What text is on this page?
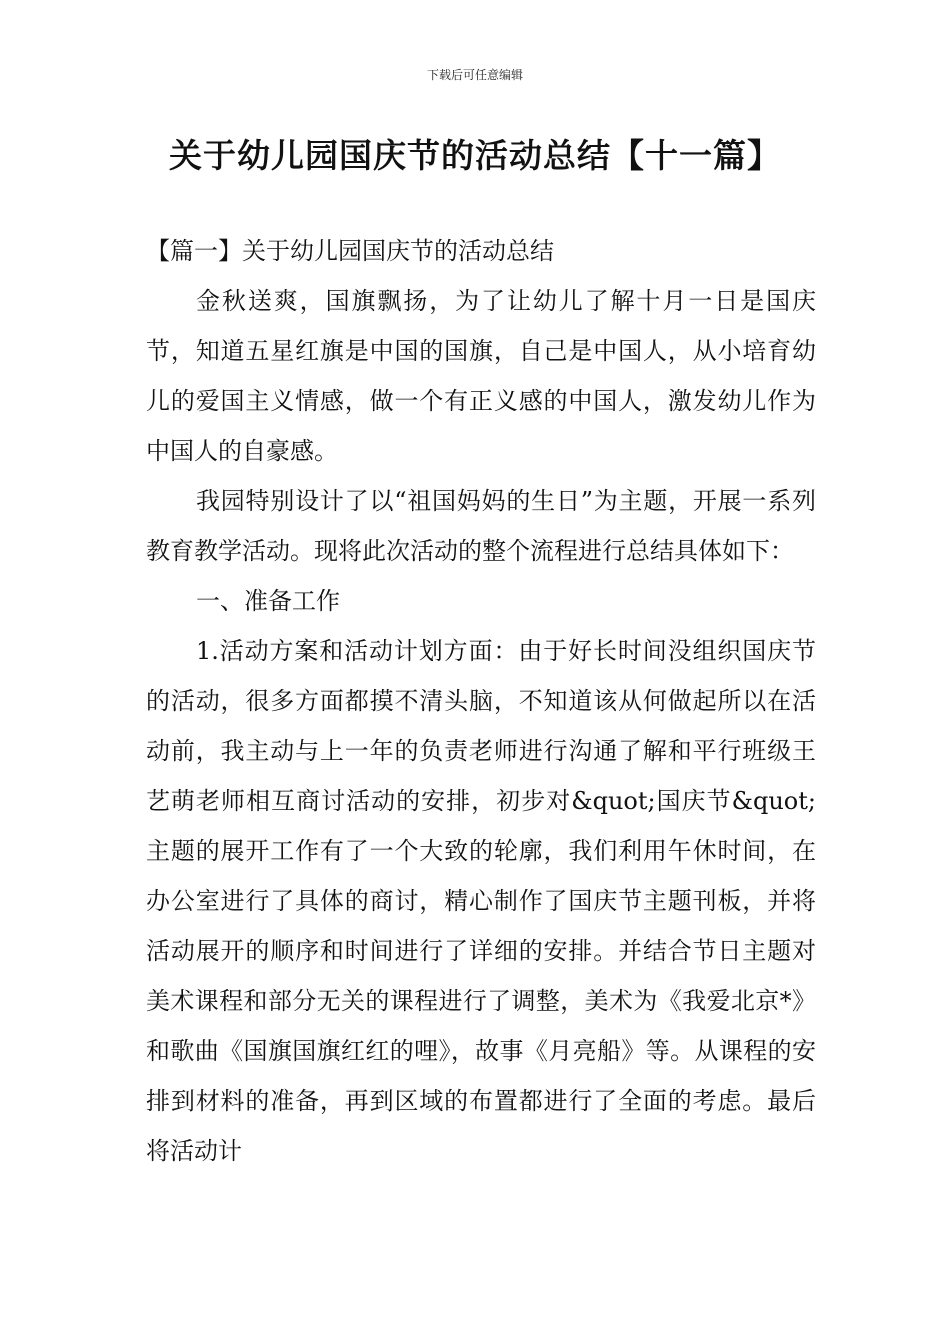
下载后可任意编辑
关于幼儿园国庆节的活动总结【十一篇】

【篇一】关于幼儿园国庆节的活动总结

金秋送爽，国旗飘扬，为了让幼儿了解十月一日是国庆节，知道五星红旗是中国的国旗，自己是中国人，从小培育幼儿的爱国主义情感，做一个有正义感的中国人，激发幼儿作为中国人的自豪感。

我园特别设计了以“祖国妈妈的生日”为主题，开展一系列教育教学活动。现将此次活动的整个流程进行总结具体如下：

一、准备工作

1.活动方案和活动计划方面：由于好长时间没组织国庆节的活动，很多方面都摸不清头脑，不知道该从何做起所以在活动前，我主动与上一年的负责老师进行沟通了解和平行班级王艺萌老师相互商讨活动的安排，初步对&quot;国庆节&quot;主题的展开工作有了一个大致的轮廓，我们利用午休时间，在办公室进行了具体的商讨，精心制作了国庆节主题刊板，并将活动展开的顺序和时间进行了详细的安排。并结合节日主题对美术课程和部分无关的课程进行了调整，美术为《我爱北京*》和歌曲《国旗国旗红红的哩》，故事《月亮船》等。从课程的安排到材料的准备，再到区域的布置都进行了全面的考虑。最后将活动计
